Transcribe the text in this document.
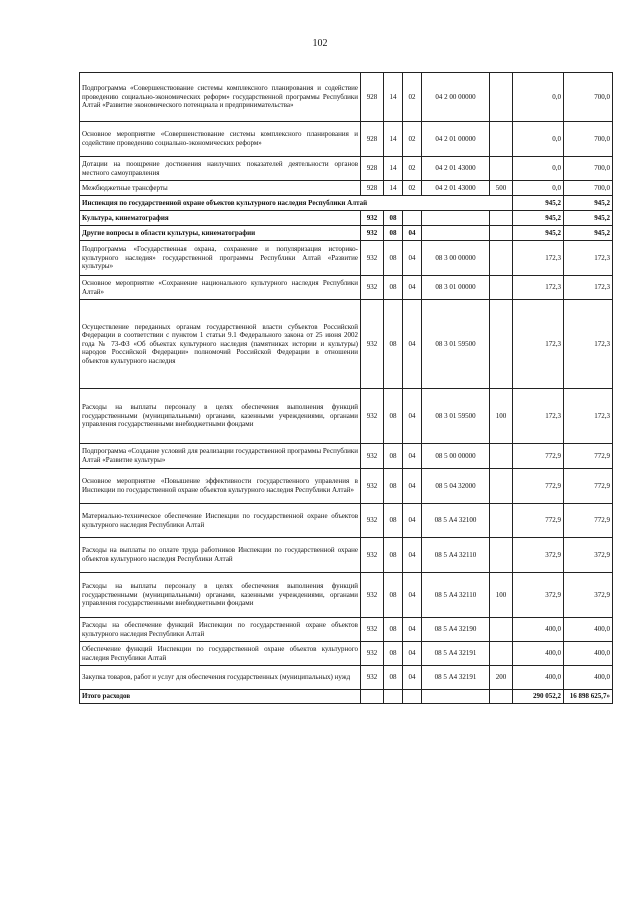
102
Подпрограмма «Совершенствование системы комплексного планирования и содействие проведению социально-экономических реформ» государственной программы Республики Алтай «Развитие экономического потенциала и предпринимательства»	928	14	02	04 2 00 00000		0,0	700,0
Основное мероприятие «Совершенствование системы комплексного планирования и содействие проведению социально-экономических реформ»	928	14	02	04 2 01 00000		0,0	700,0
Дотации на поощрение достижения наилучших показателей деятельности органов местного самоуправления	928	14	02	04 2 01 43000		0,0	700,0
Межбюджетные трансферты	928	14	02	04 2 01 43000	500	0,0	700,0
Инспекция по государственной охране объектов культурного наследия Республики Алтай						945,2	945,2
Культура, кинематография	932	08				945,2	945,2
Другие вопросы в области культуры, кинематографии	932	08	04			945,2	945,2
Подпрограмма «Государственная охрана, сохранение и популяризация историко-культурного наследия» государственной программы Республики Алтай «Развитие культуры»	932	08	04	08 3 00 00000		172,3	172,3
Основное мероприятие «Сохранение национального культурного наследия Республики Алтай»	932	08	04	08 3 01 00000		172,3	172,3
Осуществление переданных органам государственной власти субъектов Российской Федерации в соответствии с пунктом 1 статьи 9.1 Федерального закона от 25 июня 2002 года № 73-ФЗ «Об объектах культурного наследия (памятниках истории и культуры) народов Российской Федерации» полномочий Российской Федерации в отношении объектов культурного наследия	932	08	04	08 3 01 59500		172,3	172,3
Расходы на выплаты персоналу в целях обеспечения выполнения функций государственными (муниципальными) органами, казенными учреждениями, органами управления государственными внебюджетными фондами	932	08	04	08 3 01 59500	100	172,3	172,3
Подпрограмма «Создание условий для реализации государственной программы Республики Алтай «Развитие культуры»	932	08	04	08 5 00 00000		772,9	772,9
Основное мероприятие «Повышение эффективности государственного управления в Инспекции по государственной охране объектов культурного наследия Республики Алтай»	932	08	04	08 5 04 32000		772,9	772,9
Материально-техническое обеспечение Инспекции по государственной охране объектов культурного наследия Республики Алтай	932	08	04	08 5 А4 32100		772,9	772,9
Расходы на выплаты по оплате труда работников Инспекции по государственной охране объектов культурного наследия Республики Алтай	932	08	04	08 5 А4 32110		372,9	372,9
Расходы на выплаты персоналу в целях обеспечения выполнения функций государственными (муниципальными) органами, казенными учреждениями, органами управления государственными внебюджетными фондами	932	08	04	08 5 А4 32110	100	372,9	372,9
Расходы на обеспечение функций Инспекции по государственной охране объектов культурного наследия Республики Алтай	932	08	04	08 5 А4 32190		400,0	400,0
Обеспечение функций Инспекции по государственной охране объектов культурного наследия Республики Алтай	932	08	04	08 5 А4 32191		400,0	400,0
Закупка товаров, работ и услуг для обеспечения государственных (муниципальных) нужд	932	08	04	08 5 А4 32191	200	400,0	400,0
Итого расходов						290 052,2	16 898 625,7»
